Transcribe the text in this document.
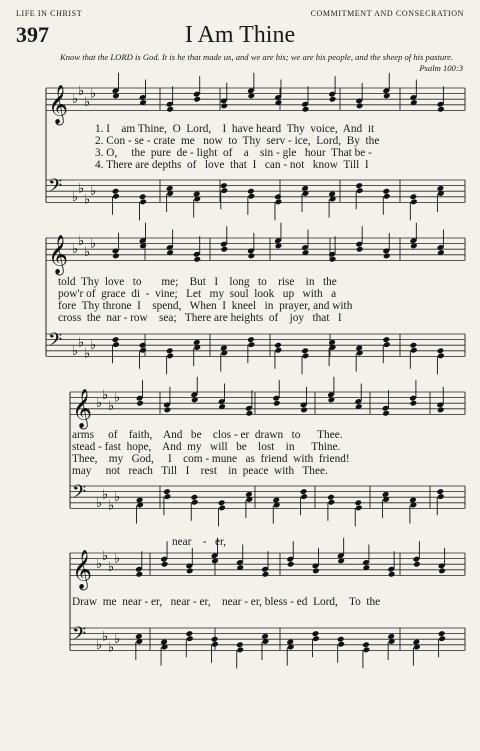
LIFE IN CHRIST	COMMITMENT AND CONSECRATION
397	I Am Thine
Know that the LORD is God. It is he that made us, and we are his; we are his people, and the sheep of his pasture.
Psalm 100:3
1. I    am Thine,  O  Lord,    I  have heard  Thy  voice,  And  it
2. Con - se - crate  me   now  to  Thy  serv - ice,  Lord,  By  the
3. O,     the  pure  de - light  of    a    sin - gle   hour  That be -
4. There are depths  of   love  that  I   can - not   know  Till  I
told  Thy  love   to       me;    But   I    long   to    rise    in   the
pow'r of  grace  di  -  vine;   Let   my  soul  look   up   with   a
fore  Thy throne  I    spend,   When  I  kneel   in  prayer, and with
cross  the  nar - row    sea;   There are heights  of    joy   that   I
arms     of    faith,    And   be    clos - er  drawn   to      Thee.
stead - fast  hope,    And  my   will   be    lost    in      Thine.
Thee,    my   God,     I    com - mune   as  friend  with  friend!
may     not   reach   Till   I    rest    in  peace  with   Thee.
near    -   er,
Draw  me  near - er,   near - er,    near - er, bless - ed  Lord,    To  the
𝄞 ♭
♭
♭
♭
𝄢 ♭
♭
♭
♭
𝄞 ♭
♭
♭
♭
𝄢 ♭
♭
♭
♭
𝄞 ♭
♭
♭
♭
𝄢 ♭
♭
♭
♭
𝄞 ♭
♭
♭
♭
𝄢 ♭
♭
♭
♭
